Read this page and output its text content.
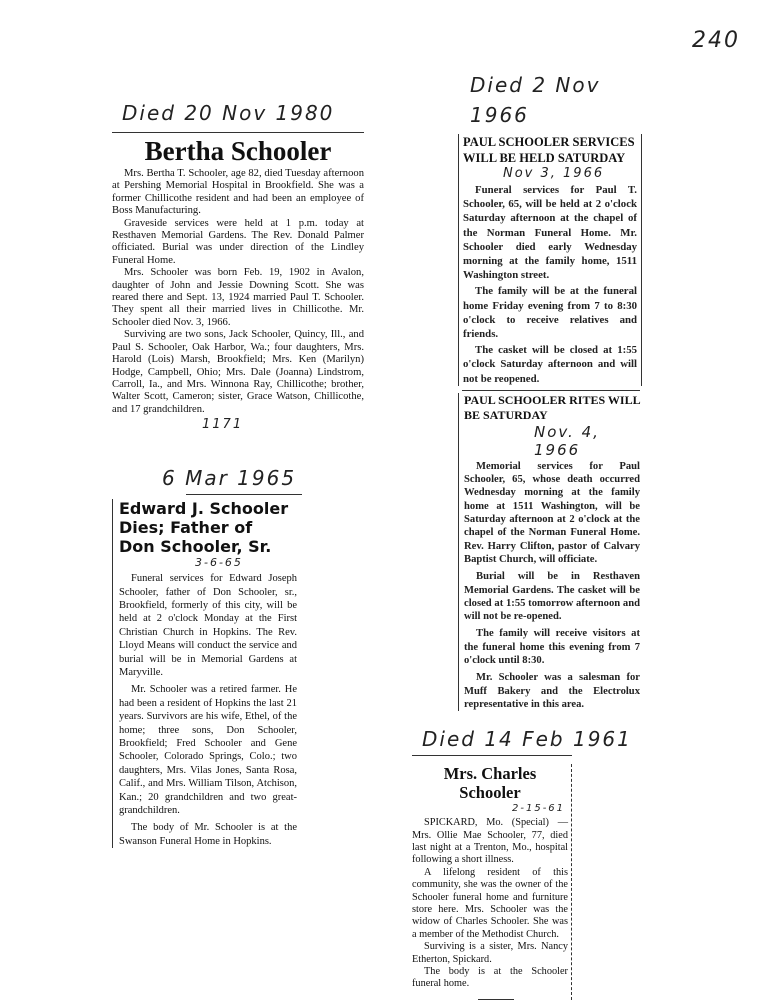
240
Died 20 Nov 1980
Bertha Schooler

Mrs. Bertha T. Schooler, age 82, died Tuesday afternoon at Pershing Memorial Hospital in Brookfield. She was a former Chillicothe resident and had been an employee of Boss Manufacturing.

Graveside services were held at 1 p.m. today at Resthaven Memorial Gardens. The Rev. Donald Palmer officiated. Burial was under direction of the Lindley Funeral Home.

Mrs. Schooler was born Feb. 19, 1902 in Avalon, daughter of John and Jessie Downing Scott. She was reared there and Sept. 13, 1924 married Paul T. Schooler. They spent all their married lives in Chillicothe. Mr. Schooler died Nov. 3, 1966.

Surviving are two sons, Jack Schooler, Quincy, Ill., and Paul S. Schooler, Oak Harbor, Wa.; four daughters, Mrs. Harold (Lois) Marsh, Brookfield; Mrs. Ken (Marilyn) Hodge, Campbell, Ohio; Mrs. Dale (Joanna) Lindstrom, Carroll, Ia., and Mrs. Winnona Ray, Chillicothe; brother, Walter Scott, Cameron; sister, Grace Watson, Chillicothe, and 17 grandchildren.

1171
6 Mar 1965
Edward J. Schooler Dies; Father of Don Schooler, Sr.
3-6-65

Funeral services for Edward Joseph Schooler, father of Don Schooler, sr., Brookfield, formerly of this city, will be held at 2 o'clock Monday at the First Christian Church in Hopkins. The Rev. Lloyd Means will conduct the service and burial will be in Memorial Gardens at Maryville.

Mr. Schooler was a retired farmer. He had been a resident of Hopkins the last 21 years. Survivors are his wife, Ethel, of the home; three sons, Don Schooler, Brookfield; Fred Schooler and Gene Schooler, Colorado Springs, Colo.; two daughters, Mrs. Vilas Jones, Santa Rosa, Calif., and Mrs. William Tilson, Atchison, Kan.; 20 grandchildren and two great-grandchildren.

The body of Mr. Schooler is at the Swanson Funeral Home in Hopkins.

Died 2 Nov 1966
PAUL SCHOOLER SERVICES WILL BE HELD SATURDAY
Nov 3, 1966

Funeral services for Paul T. Schooler, 65, will be held at 2 o'clock Saturday afternoon at the chapel of the Norman Funeral Home. Mr. Schooler died early Wednesday morning at the family home, 1511 Washington street.

The family will be at the funeral home Friday evening from 7 to 8:30 o'clock to receive relatives and friends.

The casket will be closed at 1:55 o'clock Saturday afternoon and will not be reopened.

PAUL SCHOOLER RITES WILL BE SATURDAY
Nov. 4, 1966

Memorial services for Paul Schooler, 65, whose death occurred Wednesday morning at the family home at 1511 Washington, will be Saturday afternoon at 2 o'clock at the chapel of the Norman Funeral Home. Rev. Harry Clifton, pastor of Calvary Baptist Church, will officiate.

Burial will be in Resthaven Memorial Gardens. The casket will be closed at 1:55 tomorrow afternoon and will not be re-opened.

The family will receive visitors at the funeral home this evening from 7 o'clock until 8:30.

Mr. Schooler was a salesman for Muff Bakery and the Electrolux representative in this area.

Died 14 Feb 1961
Mrs. Charles Schooler
2-15-61

SPICKARD, Mo. (Special) — Mrs. Ollie Mae Schooler, 77, died last night at a Trenton, Mo., hospital following a short illness.

A lifelong resident of this community, she was the owner of the Schooler funeral home and furniture store here. Mrs. Schooler was the widow of Charles Schooler. She was a member of the Methodist Church.

Surviving is a sister, Mrs. Nancy Etherton, Spickard.

The body is at the Schooler funeral home.
